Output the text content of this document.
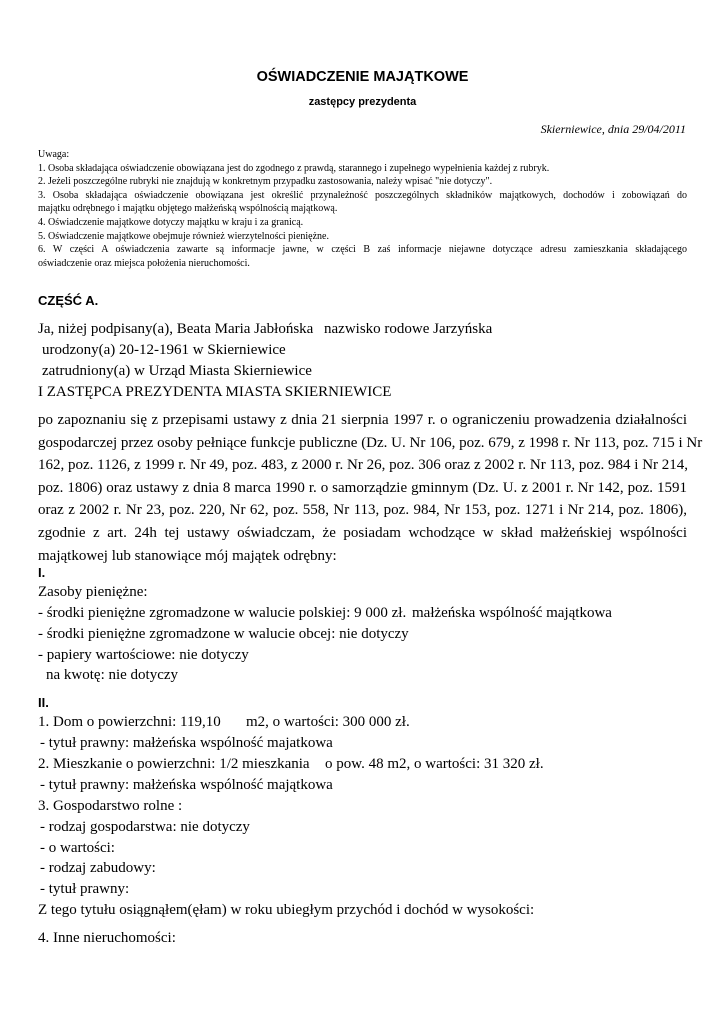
OŚWIADCZENIE MAJĄTKOWE
zastępcy prezydenta
Skierniewice, dnia 29/04/2011
Uwaga:
1. Osoba składająca oświadczenie obowiązana jest do zgodnego z prawdą, starannego i zupełnego wypełnienia każdej z rubryk.
2. Jeżeli poszczególne rubryki nie znajdują w konkretnym przypadku zastosowania, należy wpisać "nie dotyczy".
3. Osoba składająca oświadczenie obowiązana jest określić przynależność poszczególnych składników majątkowych, dochodów i zobowiązań do
majątku odrębnego i majątku objętego małżeńską wspólnością majątkową.
4. Oświadczenie majątkowe dotyczy majątku w kraju i za granicą.
5. Oświadczenie majątkowe obejmuje również wierzytelności pieniężne.
6. W części A oświadczenia zawarte są informacje jawne, w części B zaś informacje niejawne dotyczące adresu zamieszkania składającego
oświadczenie oraz miejsca położenia nieruchomości.
CZĘŚĆ A.
Ja, niżej podpisany(a), Beata Maria Jabłońska nazwisko rodowe Jarzyńska
urodzony(a) 20-12-1961 w Skierniewice
zatrudniony(a) w Urząd Miasta Skierniewice
I ZASTĘPCA PREZYDENTA MIASTA SKIERNIEWICE
po zapoznaniu się z przepisami ustawy z dnia 21 sierpnia 1997 r. o ograniczeniu prowadzenia działalności
gospodarczej przez osoby pełniące funkcje publiczne (Dz. U. Nr 106, poz. 679, z 1998 r. Nr 113, poz. 715 i Nr
162, poz. 1126, z 1999 r. Nr 49, poz. 483, z 2000 r. Nr 26, poz. 306 oraz z 2002 r. Nr 113, poz. 984 i Nr 214,
poz. 1806) oraz ustawy z dnia 8 marca 1990 r. o samorządzie gminnym (Dz. U. z 2001 r. Nr 142, poz. 1591
oraz z 2002 r. Nr 23, poz. 220, Nr 62, poz. 558, Nr 113, poz. 984, Nr 153, poz. 1271 i Nr 214, poz. 1806),
zgodnie z art. 24h tej ustawy oświadczam, że posiadam wchodzące w skład małżeńskiej wspólności
majątkowej lub stanowiące mój majątek odrębny:
I.
Zasoby pieniężne:
- środki pieniężne zgromadzone w walucie polskiej: 9 000 zł. małżeńska wspólność majątkowa
- środki pieniężne zgromadzone w walucie obcej: nie dotyczy
- papiery wartościowe: nie dotyczy
na kwotę: nie dotyczy
II.
1. Dom o powierzchni: 119,10 m2, o wartości: 300 000 zł.
- tytuł prawny: małżeńska wspólność majatkowa
2. Mieszkanie o powierzchni: 1/2 mieszkania o pow. 48 m2, o wartości: 31 320 zł.
- tytuł prawny: małżeńska wspólność majątkowa
3. Gospodarstwo rolne :
- rodzaj gospodarstwa: nie dotyczy
- o wartości:
- rodzaj zabudowy:
- tytuł prawny:
Z tego tytułu osiągnąłem(ęłam) w roku ubiegłym przychód i dochód w wysokości:
4. Inne nieruchomości:
